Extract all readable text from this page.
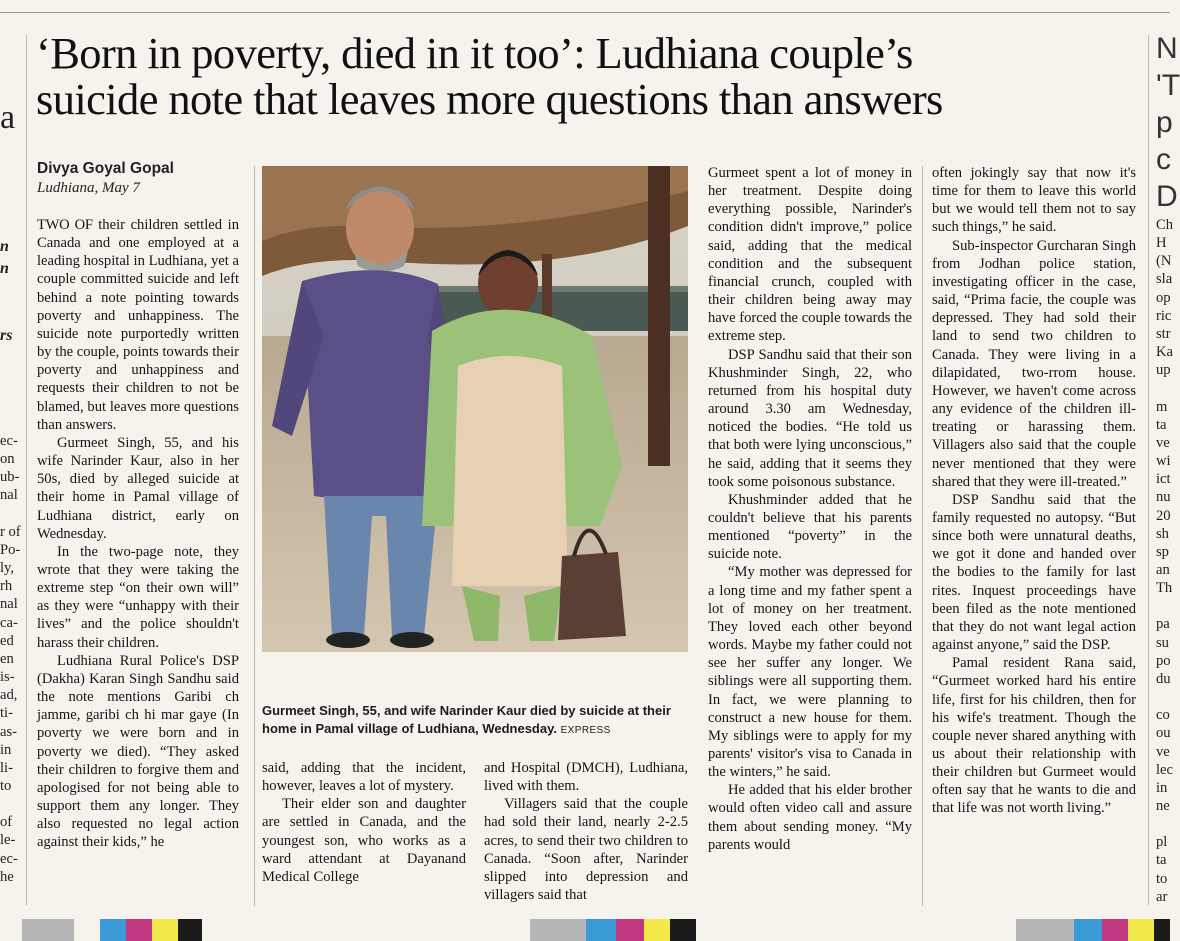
a
n
n
rs
ec-
on
ub-
nal

r of
Po-
ly,
rh
nal
ca-
ed
en
is-
ad,
ti-
as-
in
li-
to

of
le-
ec-
he
N
'T
p
c
D
Ch
H
(N
sla
op
ric
str
Ka
up

m
ta
ve
wi
ict
nu
20
sh
sp
an
Th

pa
su
po
du

co
ou
ve
lec
in
ne

pl
ta
to
ar
‘Born in poverty, died in it too’: Ludhiana couple’s
suicide note that leaves more questions than answers
Divya Goyal Gopal
Ludhiana, May 7

TWO OF their children settled in Canada and one employed at a leading hospital in Ludhiana, yet a couple committed suicide and left behind a note pointing towards poverty and unhappiness. The suicide note purportedly written by the couple, points towards their poverty and unhappiness and requests their children to not be blamed, but leaves more questions than answers.

Gurmeet Singh, 55, and his wife Narinder Kaur, also in her 50s, died by alleged suicide at their home in Pamal village of Ludhiana district, early on Wednesday.

In the two-page note, they wrote that they were taking the extreme step “on their own will” as they were “unhappy with their lives” and the police shouldn't harass their children.

Ludhiana Rural Police's DSP (Dakha) Karan Singh Sandhu said the note mentions Garibi ch jamme, garibi ch hi mar gaye (In poverty we were born and in poverty we died). “They asked their children to forgive them and apologised for not being able to support them any longer. They also requested no legal action against their kids,” he

said, adding that the incident, however, leaves a lot of mystery.

Their elder son and daughter are settled in Canada, and the youngest son, who works as a ward attendant at Dayanand Medical College

and Hospital (DMCH), Ludhiana, lived with them.

Villagers said that the couple had sold their land, nearly 2-2.5 acres, to send their two children to Canada. “Soon after, Narinder slipped into depression and villagers said that

Gurmeet spent a lot of money in her treatment. Despite doing everything possible, Narinder's condition didn't improve,” police said, adding that the medical condition and the subsequent financial crunch, coupled with their children being away may have forced the couple towards the extreme step.

DSP Sandhu said that their son Khushminder Singh, 22, who returned from his hospital duty around 3.30 am Wednesday, noticed the bodies. “He told us that both were lying unconscious,” he said, adding that it seems they took some poisonous substance.

Khushminder added that he couldn't believe that his parents mentioned “poverty” in the suicide note.

“My mother was depressed for a long time and my father spent a lot of money on her treatment. They loved each other beyond words. Maybe my father could not see her suffer any longer. We siblings were all supporting them. In fact, we were planning to construct a new house for them. My siblings were to apply for my parents' visitor's visa to Canada in the winters,” he said.

He added that his elder brother would often video call and assure them about sending money. “My parents would

often jokingly say that now it's time for them to leave this world but we would tell them not to say such things,” he said.

Sub-inspector Gurcharan Singh from Jodhan police station, investigating officer in the case, said, “Prima facie, the couple was depressed. They had sold their land to send two children to Canada. They were living in a dilapidated, two-rrom house. However, we haven't come across any evidence of the children ill-treating or harassing them. Villagers also said that the couple never mentioned that they were shared that they were ill-treated.”

DSP Sandhu said that the family requested no autopsy. “But since both were unnatural deaths, we got it done and handed over the bodies to the family for last rites. Inquest proceedings have been filed as the note mentioned that they do not want legal action against anyone,” said the DSP.

Pamal resident Rana said, “Gurmeet worked hard his entire life, first for his children, then for his wife's treatment. Though the couple never shared anything with us about their relationship with their children but Gurmeet would often say that he wants to die and that life was not worth living.”

Gurmeet Singh, 55, and wife Narinder Kaur died by suicide at their home in Pamal village of Ludhiana, Wednesday. EXPRESS
